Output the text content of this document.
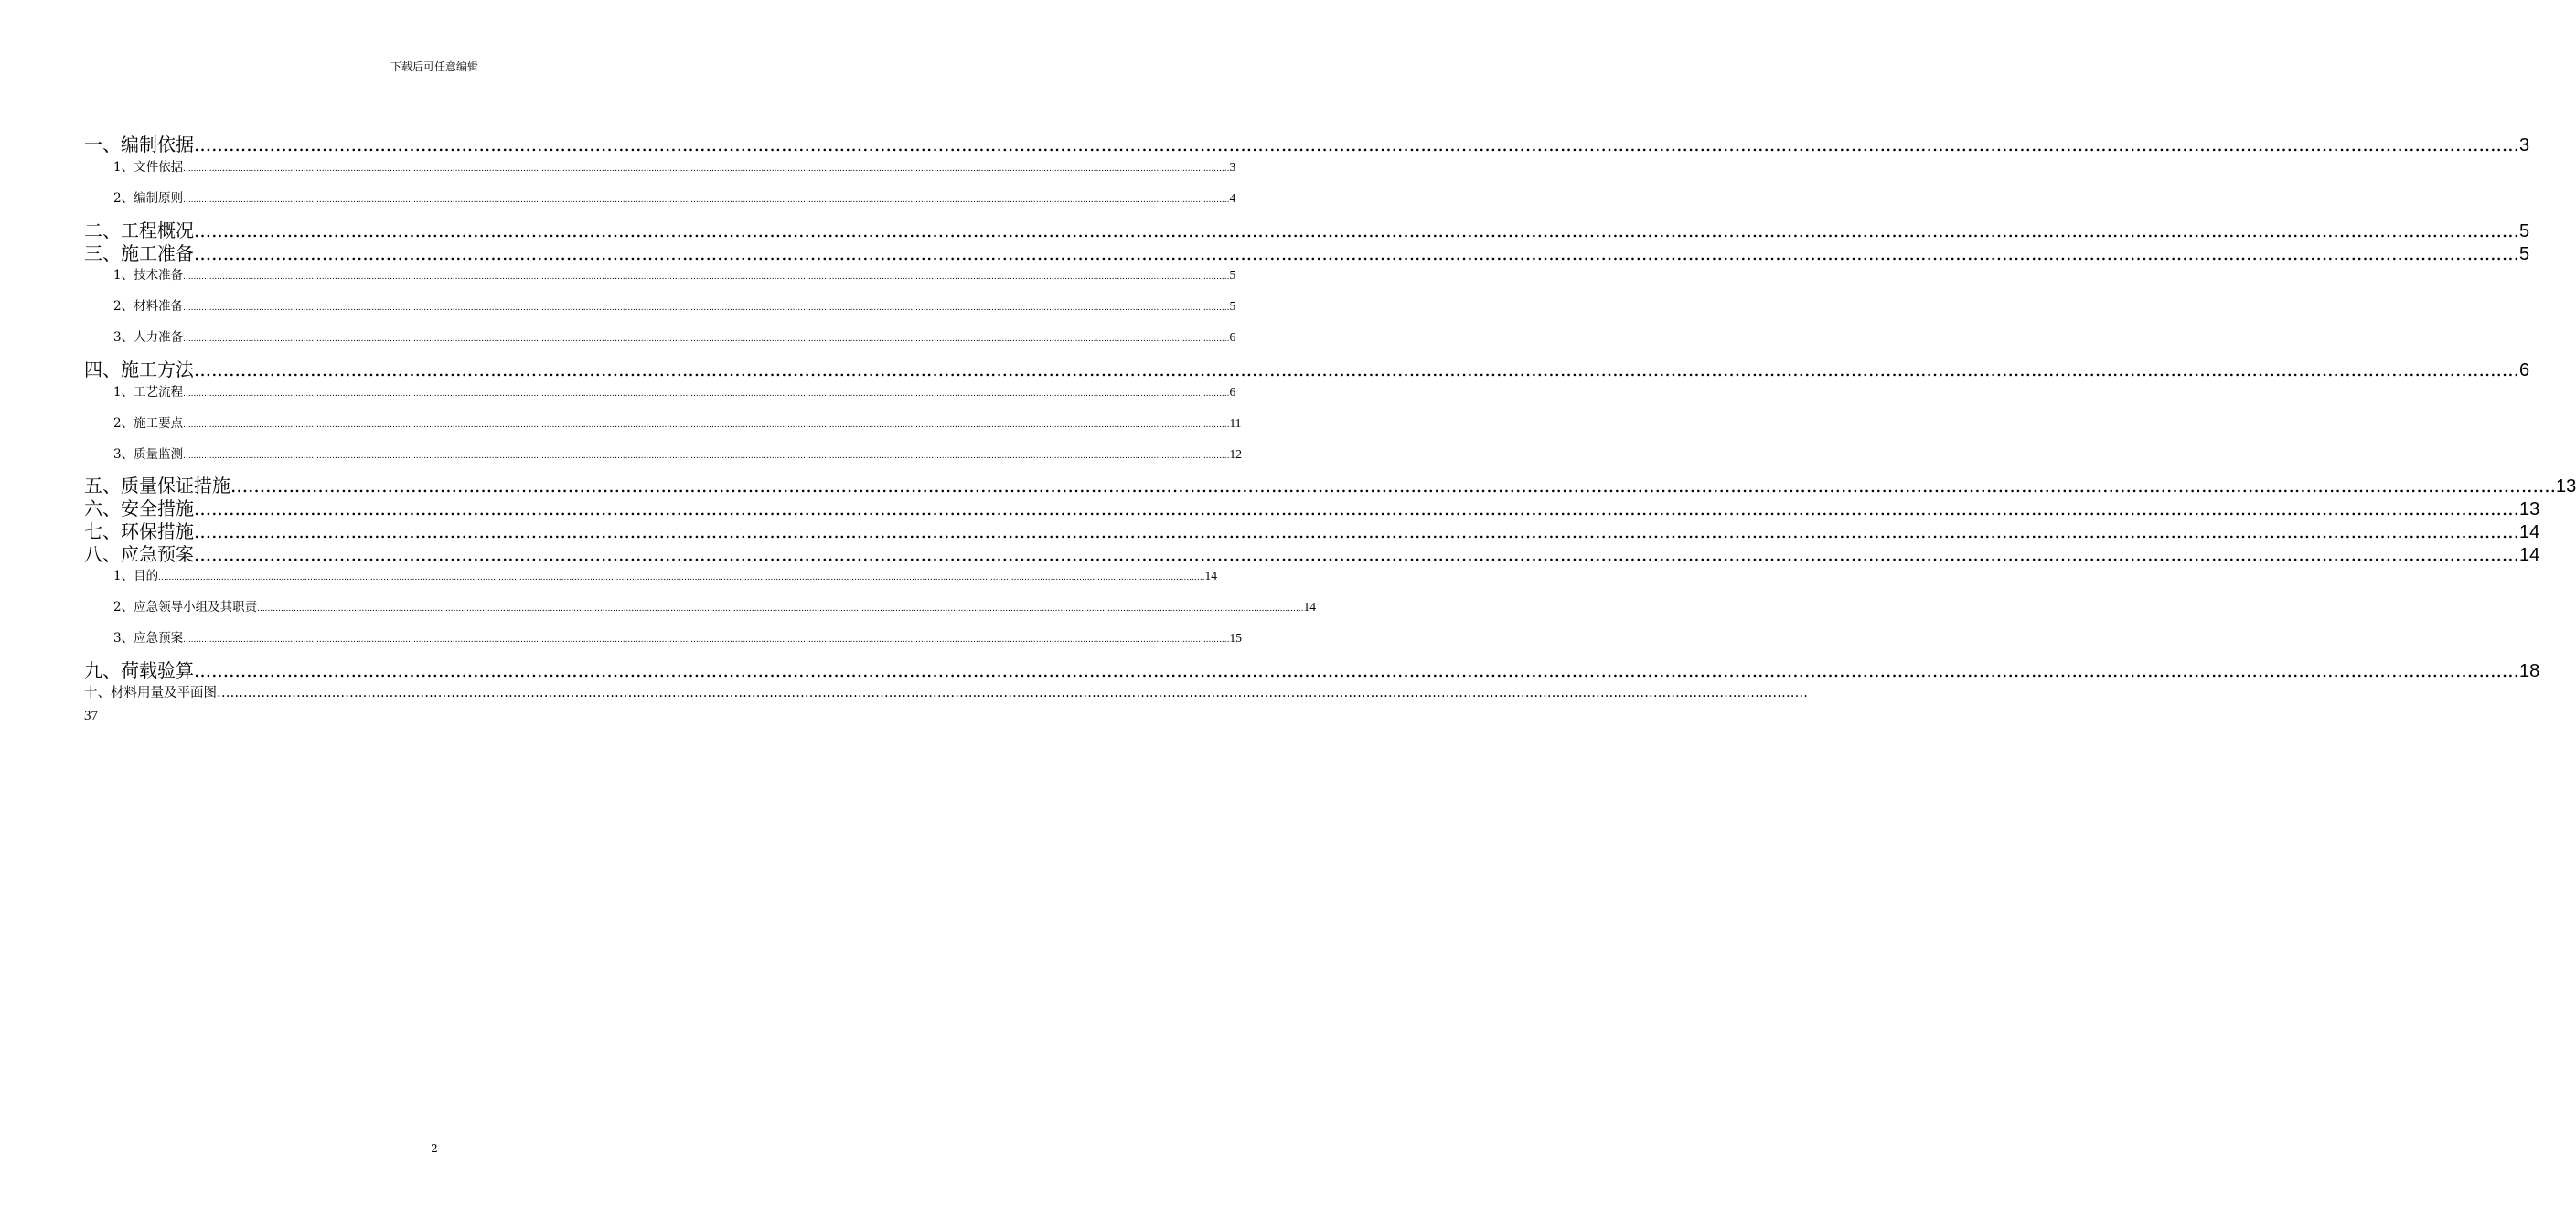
下载后可任意编辑
一、编制依据 ................................................................................................................................................................................................................................................................................................................................................................................................................ 3
1、文件依据 ................................................................................................................................................................................................................................................................................................................................................................................................................ 3
2、编制原则 ................................................................................................................................................................................................................................................................................................................................................................................................................ 4
二、工程概况 ................................................................................................................................................................................................................................................................................................................................................................................................................ 5
三、施工准备 ................................................................................................................................................................................................................................................................................................................................................................................................................ 5
1、技术准备 ................................................................................................................................................................................................................................................................................................................................................................................................................ 5
2、材料准备 ................................................................................................................................................................................................................................................................................................................................................................................................................ 5
3、人力准备 ................................................................................................................................................................................................................................................................................................................................................................................................................ 6
四、施工方法 ................................................................................................................................................................................................................................................................................................................................................................................................................ 6
1、工艺流程 ................................................................................................................................................................................................................................................................................................................................................................................................................ 6
2、施工要点 ................................................................................................................................................................................................................................................................................................................................................................................................................ 11
3、质量监测 ................................................................................................................................................................................................................................................................................................................................................................................................................ 12
五、质量保证措施 ................................................................................................................................................................................................................................................................................................................................................................................................................ 13
六、安全措施 ................................................................................................................................................................................................................................................................................................................................................................................................................ 13
七、环保措施 ................................................................................................................................................................................................................................................................................................................................................................................................................ 14
八、应急预案 ................................................................................................................................................................................................................................................................................................................................................................................................................ 14
1、目的 ................................................................................................................................................................................................................................................................................................................................................................................................................ 14
2、应急领导小组及其职责 ................................................................................................................................................................................................................................................................................................................................................................................................................ 14
3、应急预案 ................................................................................................................................................................................................................................................................................................................................................................................................................ 15
九、荷载验算 ................................................................................................................................................................................................................................................................................................................................................................................................................ 18
十、材料用量及平面图 ………………………………………………………………………………………………………………………………………………………………………………………………………………………………………………………………………………………………………………………………
37
- 2 -
